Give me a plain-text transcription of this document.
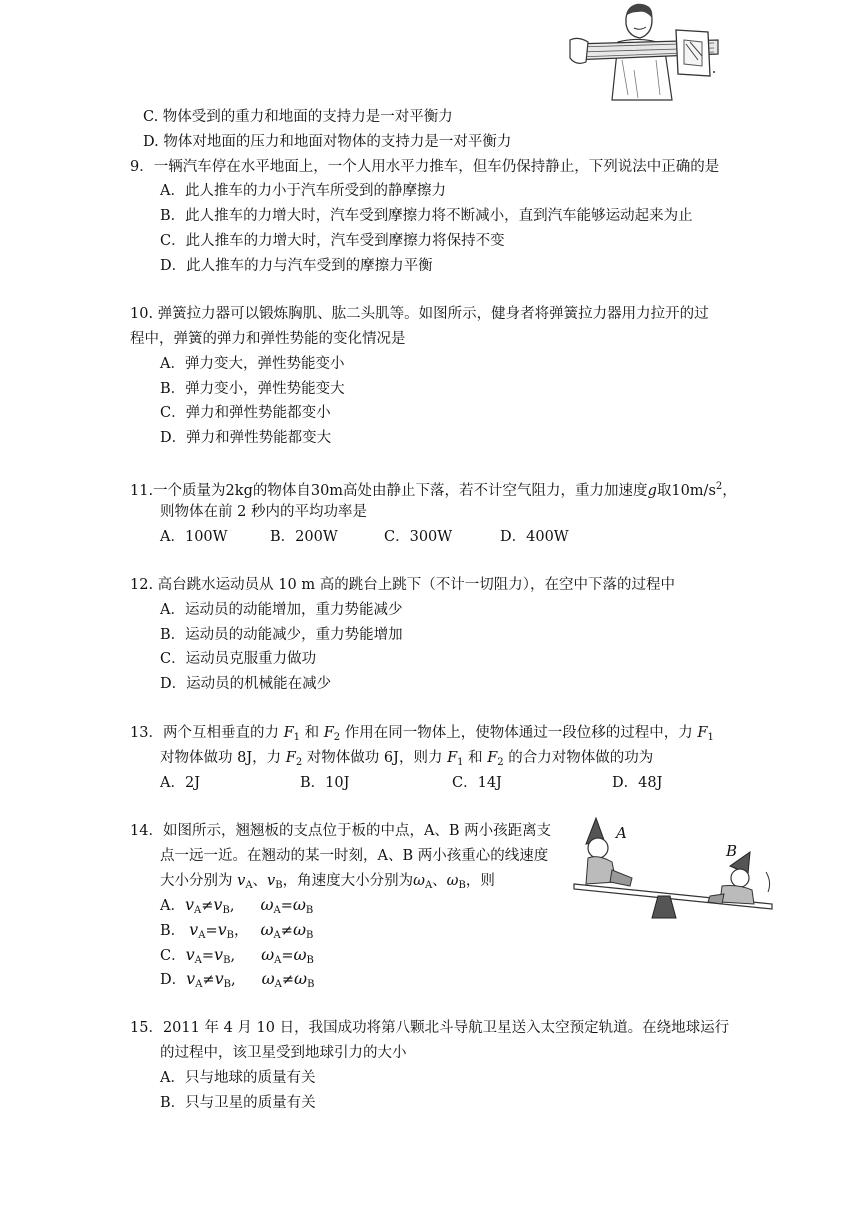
C. 物体受到的重力和地面的支持力是一对平衡力
D. 物体对地面的压力和地面对物体的支持力是一对平衡力
9．一辆汽车停在水平地面上，一个人用水平力推车，但车仍保持静止，下列说法中正确的是
A．此人推车的力小于汽车所受到的静摩擦力
B．此人推车的力增大时，汽车受到摩擦力将不断减小，直到汽车能够运动起来为止
C．此人推车的力增大时，汽车受到摩擦力将保持不变
D．此人推车的力与汽车受到的摩擦力平衡
10. 弹簧拉力器可以锻炼胸肌、肱二头肌等。如图所示，健身者将弹簧拉力器用力拉开的过
程中，弹簧的弹力和弹性势能的变化情况是
A．弹力变大，弹性势能变小
B．弹力变小，弹性势能变大
C．弹力和弹性势能都变小
D．弹力和弹性势能都变大
11.一个质量为2kg的物体自30m高处由静止下落，若不计空气阻力，重力加速度g取$10m/s^2$，
则物体在前 2 秒内的平均功率是
A．100W	B．200W	C．300W	D．400W
12. 高台跳水运动员从 10 m 高的跳台上跳下（不计一切阻力），在空中下落的过程中
A．运动员的动能增加，重力势能减少
B．运动员的动能减少，重力势能增加
C．运动员克服重力做功
D．运动员的机械能在减少
13．两个互相垂直的力 $F_1$ 和 $F_2$ 作用在同一物体上，使物体通过一段位移的过程中，力 $F_1$
对物体做功 8J，力 $F_2$ 对物体做功 6J，则力 $F_1$ 和 $F_2$ 的合力对物体做的功为
A．2J	B．10J	C．14J	D．48J
14．如图所示，翘翘板的支点位于板的中点，A、B 两小孩距离支
点一远一近。在翘动的某一时刻，A、B 两小孩重心的线速度
大小分别为 $v_A$、$v_B$，角速度大小分别为$\omega_A$、$\omega_B$，则
A．$v_A\ne v_B$, $\omega_A=\omega_B$
B． $v_A=v_B$， $\omega_A\ne\omega_B$
C．$v_A=v_B$, $\omega_A=\omega_B$
D．$v_A\ne v_B$, $\omega_A\ne\omega_B$
A
B
15．2011 年 4 月 10 日，我国成功将第八颗北斗导航卫星送入太空预定轨道。在绕地球运行
的过程中，该卫星受到地球引力的大小
A．只与地球的质量有关
B．只与卫星的质量有关
